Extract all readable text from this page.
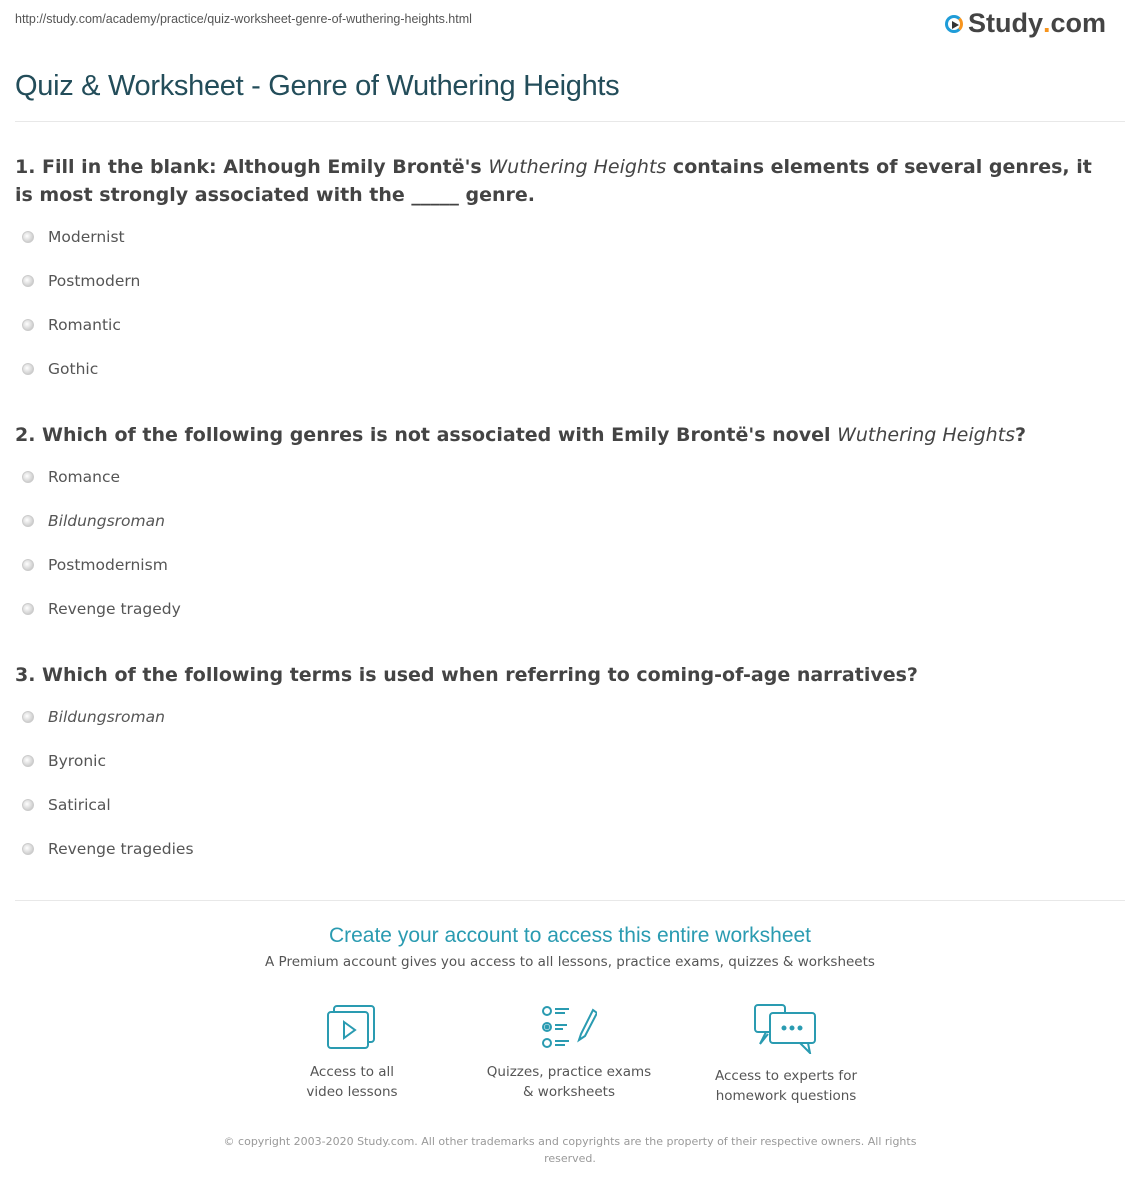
http://study.com/academy/practice/quiz-worksheet-genre-of-wuthering-heights.html	Study . com
Quiz & Worksheet - Genre of Wuthering Heights
1. Fill in the blank: Although Emily Brontë's Wuthering Heights contains elements of several genres, it is most strongly associated with the _____ genre.
Modernist
Postmodern
Romantic
Gothic
2. Which of the following genres is not associated with Emily Brontë's novel Wuthering Heights?
Romance
Bildungsroman
Postmodernism
Revenge tragedy
3. Which of the following terms is used when referring to coming-of-age narratives?
Bildungsroman
Byronic
Satirical
Revenge tragedies
Create your account to access this entire worksheet
A Premium account gives you access to all lessons, practice exams, quizzes & worksheets
Access to all
video lessons
Quizzes, practice exams
& worksheets
Access to experts for
homework questions
© copyright 2003-2020 Study.com. All other trademarks and copyrights are the property of their respective owners. All rights reserved.
